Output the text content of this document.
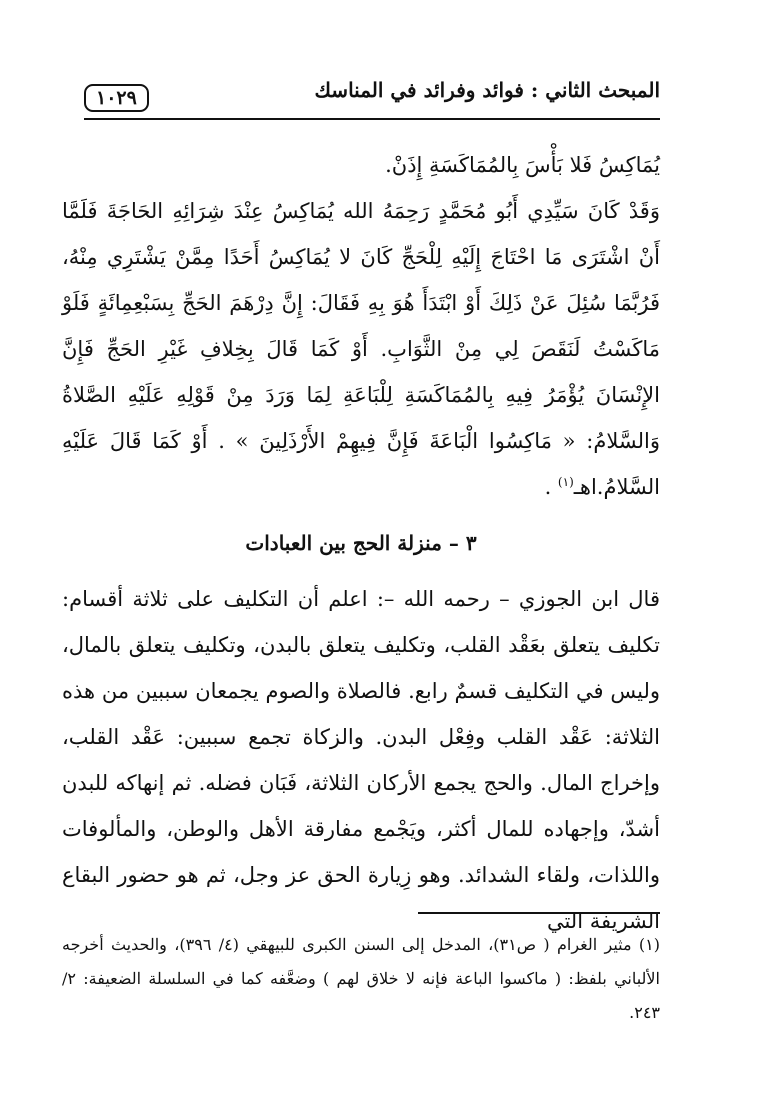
المبحث الثاني : فوائد وفرائد في المناسك
١٠٢٩

يُمَاكِسُ فَلا بَأْسَ بِالمُمَاكَسَةِ إِذَنْ.

وَقَدْ كَانَ سَيِّدِي أَبُو مُحَمَّدٍ رَحِمَهُ الله يُمَاكِسُ عِنْدَ شِرَائِهِ الحَاجَةَ فَلَمَّا أَنْ اشْتَرَى مَا احْتَاجَ إِلَيْهِ لِلْحَجِّ كَانَ لا يُمَاكِسُ أَحَدًا مِمَّنْ يَشْتَرِي مِنْهُ، فَرُبَّمَا سُئِلَ عَنْ ذَلِكَ أَوْ ابْتَدَأَ هُوَ بِهِ فَقَالَ: إِنَّ دِرْهَمَ الحَجِّ بِسَبْعِمِائَةٍ فَلَوْ مَاكَسْتُ لَنَقَصَ لِي مِنْ الثَّوَابِ. أَوْ كَمَا قَالَ بِخِلافِ غَيْرِ الحَجِّ فَإِنَّ الإِنْسَانَ يُؤْمَرُ فِيهِ بِالمُمَاكَسَةِ لِلْبَاعَةِ لِمَا وَرَدَ مِنْ قَوْلِهِ عَلَيْهِ الصَّلاةُ وَالسَّلامُ: « مَاكِسُوا الْبَاعَةَ فَإِنَّ فِيهِمْ الأَرْذَلِينَ » . أَوْ كَمَا قَالَ عَلَيْهِ السَّلامُ.اهـ$^{(١)}$ .

٣ – منزلة الحج بين العبادات

قال ابن الجوزي – رحمه الله –: اعلم أن التكليف على ثلاثة أقسام: تكليف يتعلق بعَقْد القلب، وتكليف يتعلق بالبدن، وتكليف يتعلق بالمال، وليس في التكليف قسمٌ رابع. فالصلاة والصوم يجمعان سببين من هذه الثلاثة: عَقْد القلب وفِعْل البدن. والزكاة تجمع سببين: عَقْد القلب، وإخراج المال. والحج يجمع الأركان الثلاثة، فَبَان فضله. ثم إنهاكه للبدن أشدّ، وإجهاده للمال أكثر، ويَجْمع مفارقة الأهل والوطن، والمألوفات واللذات، ولقاء الشدائد. وهو زِيارة الحق عز وجل، ثم هو حضور البقاع الشريفة التي

(١) مثير الغرام ( ص٣١)، المدخل إلى السنن الكبرى للبيهقي (٤/ ٣٩٦)، والحديث أخرجه الألباني بلفظ: ( ماكسوا الباعة فإنه لا خلاق لهم ) وضعَّفه كما في السلسلة الضعيفة: ٢/ ٢٤٣.
